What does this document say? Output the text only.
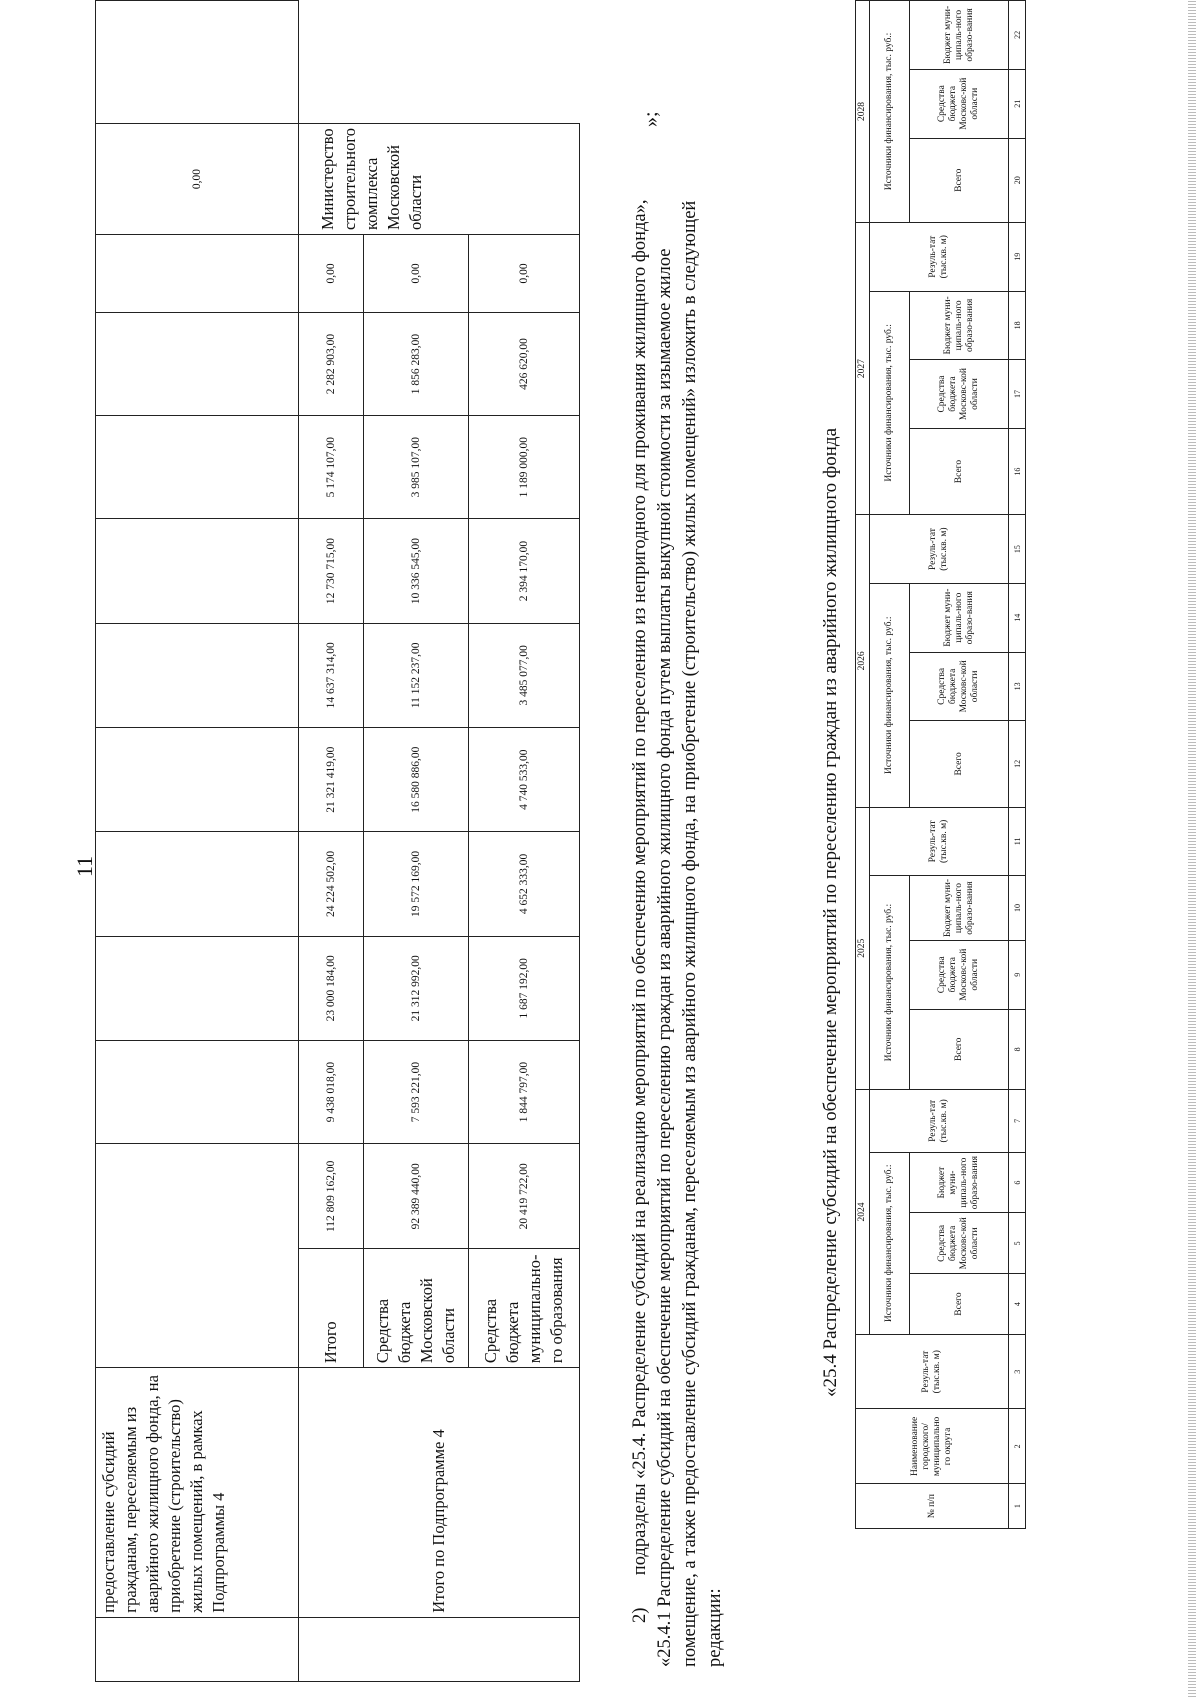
11
	предоставление субсидий гражданам, переселяемым из аварийного жилищного фонда, на приобретение (строительство) жилых помещений, в рамках Подпрограммы 4												0,00	
	Итого по Подпрограмме 4	Итого	112 809 162,00	9 438 018,00	23 000 184,00	24 224 502,00	21 321 419,00	14 637 314,00	12 730 715,00	5 174 107,00	2 282 903,00	0,00	Министерство строительного комплекса Московской области	
		Средства бюджета Московской области	92 389 440,00	7 593 221,00	21 312 992,00	19 572 169,00	16 580 886,00	11 152 237,00	10 336 545,00	3 985 107,00	1 856 283,00	0,00		
		Средства бюджета муниципально-го образования	20 419 722,00	1 844 797,00	1 687 192,00	4 652 333,00	4 740 533,00	3 485 077,00	2 394 170,00	1 189 000,00	426 620,00	0,00		
2)       подразделы «25.4. Распределение субсидий на реализацию мероприятий по обеспечению мероприятий по переселению из непригодного для проживания жилищного фонда», «25.4.1 Распределение субсидий на обеспечение мероприятий по переселению граждан из аварийного жилищного фонда путем выплаты выкупной стоимости за изымаемое жилое помещение, а также предоставление субсидий гражданам, переселяемым из аварийного жилищного фонда, на приобретение (строительство) жилых помещений» изложить в следующей редакции:
»;
«25.4 Распределение субсидий на обеспечение мероприятий по переселению граждан из аварийного жилищного фонда
№ п/п	Наименование городского/ муниципально го округа	Резуль-тат (тыс.кв. м)	2024				2025				2026				2027				2028		
			Источники финансирования, тыс. руб.:			Резуль-тат (тыс.кв. м)	Источники финансирования, тыс. руб.:			Резуль-тат (тыс.кв. м)	Источники финансирования, тыс. руб.:			Резуль-тат (тыс.кв. м)	Источники финансирования, тыс. руб.:			Резуль-тат (тыс.кв. м)	Источники финансирования, тыс. руб.:		
			Всего	Средства бюджета Московс-кой области	Бюджет муни-ципаль-ного образо-вания		Всего	Средства бюджета Московс-кой области	Бюджет муни-ципаль-ного образо-вания		Всего	Средства бюджета Московс-кой области	Бюджет муни-ципаль-ного образо-вания		Всего	Средства бюджета Московс-кой области	Бюджет муни-ципаль-ного образо-вания		Всего	Средства бюджета Московс-кой области	Бюджет муни-ципаль-ного образо-вания
1	2	3	4	5	6	7	8	9	10	11	12	13	14	15	16	17	18	19	20	21	22
